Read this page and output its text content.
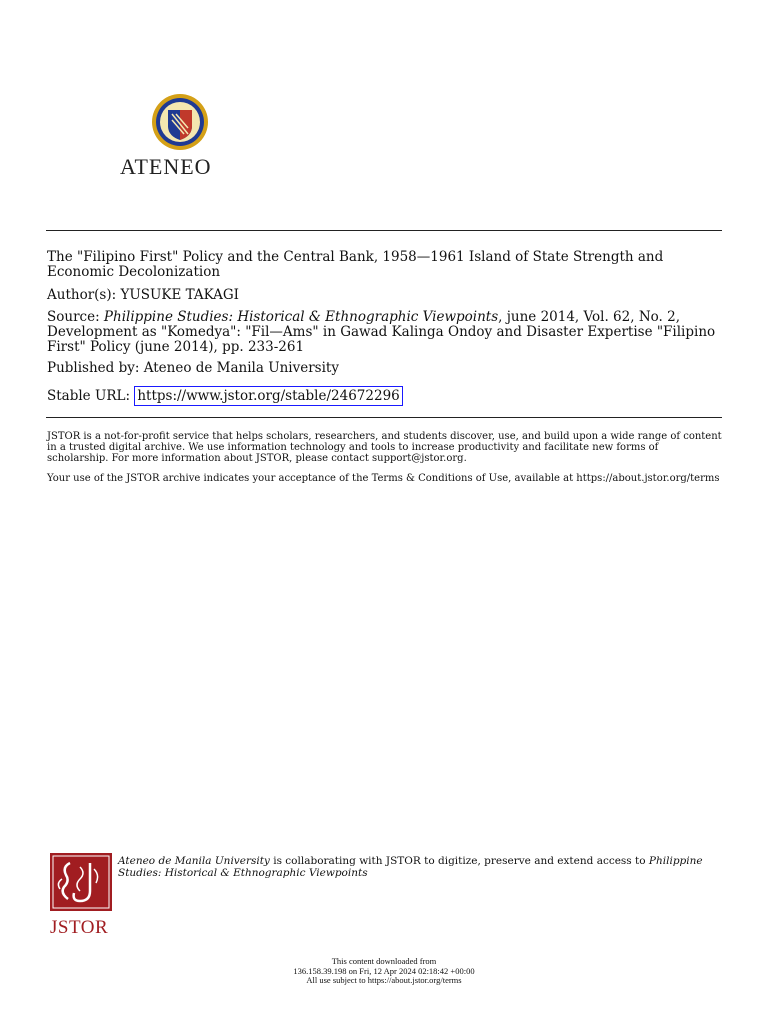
ATENEO

The "Filipino First" Policy and the Central Bank, 1958—1961 Island of State Strength and Economic Decolonization

Author(s): YUSUKE TAKAGI

Source: Philippine Studies: Historical & Ethnographic Viewpoints, june 2014, Vol. 62, No. 2, Development as "Komedya": "Fil—Ams" in Gawad Kalinga Ondoy and Disaster Expertise "Filipino First" Policy (june 2014), pp. 233-261

Published by: Ateneo de Manila University

Stable URL: https://www.jstor.org/stable/24672296

JSTOR is a not-for-profit service that helps scholars, researchers, and students discover, use, and build upon a wide range of content in a trusted digital archive. We use information technology and tools to increase productivity and facilitate new forms of scholarship. For more information about JSTOR, please contact support@jstor.org.

Your use of the JSTOR archive indicates your acceptance of the Terms & Conditions of Use, available at https://about.jstor.org/terms

JSTOR

Ateneo de Manila University is collaborating with JSTOR to digitize, preserve and extend access to Philippine Studies: Historical & Ethnographic Viewpoints

This content downloaded from

136.158.39.198 on Fri, 12 Apr 2024 02:18:42 +00:00

All use subject to https://about.jstor.org/terms
